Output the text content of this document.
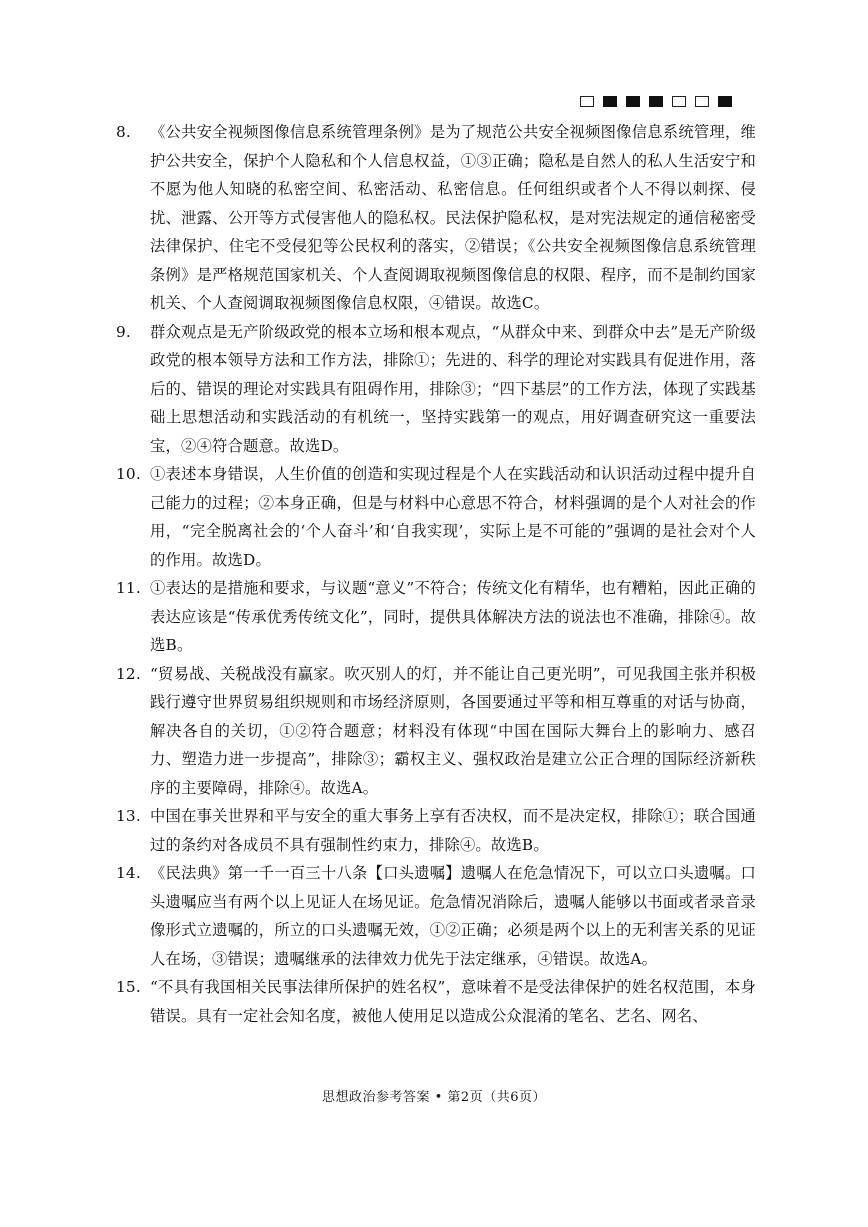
8.	《公共安全视频图像信息系统管理条例》是为了规范公共安全视频图像信息系统管理，维护公共安全，保护个人隐私和个人信息权益，①③正确；隐私是自然人的私人生活安宁和不愿为他人知晓的私密空间、私密活动、私密信息。任何组织或者个人不得以刺探、侵扰、泄露、公开等方式侵害他人的隐私权。民法保护隐私权，是对宪法规定的通信秘密受法律保护、住宅不受侵犯等公民权利的落实，②错误；《公共安全视频图像信息系统管理条例》是严格规范国家机关、个人查阅调取视频图像信息的权限、程序，而不是制约国家机关、个人查阅调取视频图像信息权限，④错误。故选C。
9.	群众观点是无产阶级政党的根本立场和根本观点，“从群众中来、到群众中去”是无产阶级政党的根本领导方法和工作方法，排除①；先进的、科学的理论对实践具有促进作用，落后的、错误的理论对实践具有阻碍作用，排除③；“四下基层”的工作方法，体现了实践基础上思想活动和实践活动的有机统一，坚持实践第一的观点，用好调查研究这一重要法宝，②④符合题意。故选D。
10. ①表述本身错误，人生价值的创造和实现过程是个人在实践活动和认识活动过程中提升自己能力的过程；②本身正确，但是与材料中心意思不符合，材料强调的是个人对社会的作用，“完全脱离社会的‘个人奋斗’和‘自我实现’，实际上是不可能的”强调的是社会对个人的作用。故选D。
11. ①表达的是措施和要求，与议题“意义”不符合；传统文化有精华，也有糟粕，因此正确的表达应该是“传承优秀传统文化”，同时，提供具体解决方法的说法也不准确，排除④。故选B。
12. “贸易战、关税战没有赢家。吹灭别人的灯，并不能让自己更光明”，可见我国主张并积极践行遵守世界贸易组织规则和市场经济原则，各国要通过平等和相互尊重的对话与协商，解决各自的关切，①②符合题意；材料没有体现“中国在国际大舞台上的影响力、感召力、塑造力进一步提高”，排除③；霸权主义、强权政治是建立公正合理的国际经济新秩序的主要障碍，排除④。故选A。
13. 中国在事关世界和平与安全的重大事务上享有否决权，而不是决定权，排除①；联合国通过的条约对各成员不具有强制性约束力，排除④。故选B。
14. 《民法典》第一千一百三十八条【口头遗嘱】遗嘱人在危急情况下，可以立口头遗嘱。口头遗嘱应当有两个以上见证人在场见证。危急情况消除后，遗嘱人能够以书面或者录音录像形式立遗嘱的，所立的口头遗嘱无效，①②正确；必须是两个以上的无利害关系的见证人在场，③错误；遗嘱继承的法律效力优先于法定继承，④错误。故选A。
15. “不具有我国相关民事法律所保护的姓名权”，意味着不是受法律保护的姓名权范围，本身错误。具有一定社会知名度，被他人使用足以造成公众混淆的笔名、艺名、网名、
思想政治参考答案 • 第2页（共6页）
